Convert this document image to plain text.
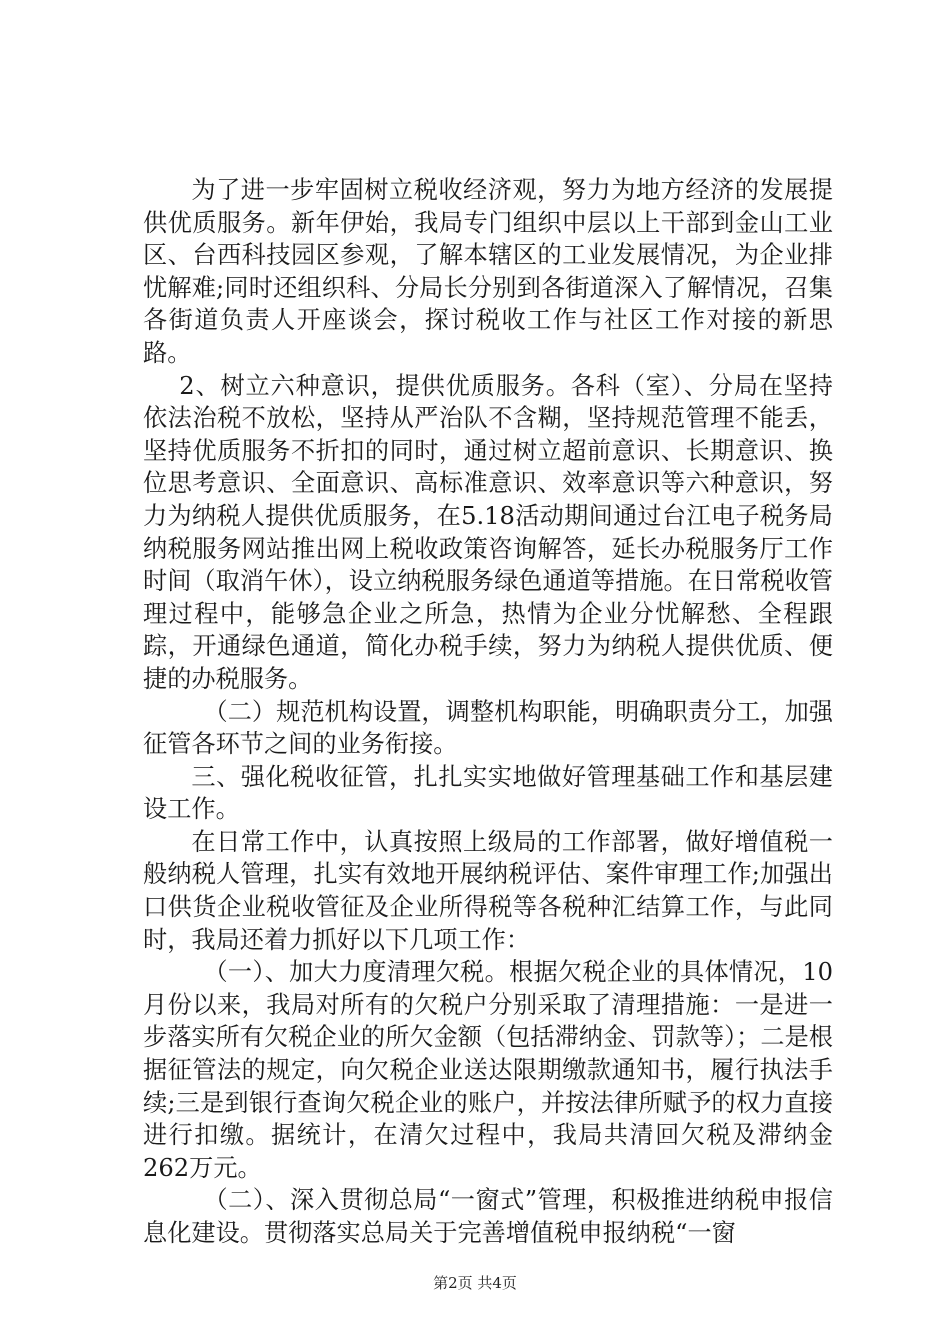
为了进一步牢固树立税收经济观，努力为地方经济的发展提供优质服务。新年伊始，我局专门组织中层以上干部到金山工业区、台西科技园区参观，了解本辖区的工业发展情况，为企业排忧解难;同时还组织科、分局长分别到各街道深入了解情况，召集各街道负责人开座谈会，探讨税收工作与社区工作对接的新思路。

2、树立六种意识，提供优质服务。各科（室）、分局在坚持依法治税不放松，坚持从严治队不含糊，坚持规范管理不能丢，坚持优质服务不折扣的同时，通过树立超前意识、长期意识、换位思考意识、全面意识、高标准意识、效率意识等六种意识，努力为纳税人提供优质服务，在5.18活动期间通过台江电子税务局纳税服务网站推出网上税收政策咨询解答，延长办税服务厅工作时间（取消午休），设立纳税服务绿色通道等措施。在日常税收管理过程中，能够急企业之所急，热情为企业分忧解愁、全程跟踪，开通绿色通道，简化办税手续，努力为纳税人提供优质、便捷的办税服务。

（二）规范机构设置，调整机构职能，明确职责分工，加强征管各环节之间的业务衔接。

三、强化税收征管，扎扎实实地做好管理基础工作和基层建设工作。

在日常工作中，认真按照上级局的工作部署，做好增值税一般纳税人管理，扎实有效地开展纳税评估、案件审理工作;加强出口供货企业税收管征及企业所得税等各税种汇结算工作，与此同时，我局还着力抓好以下几项工作：

（一）、加大力度清理欠税。根据欠税企业的具体情况，10月份以来，我局对所有的欠税户分别采取了清理措施：一是进一步落实所有欠税企业的所欠金额（包括滞纳金、罚款等）；二是根据征管法的规定，向欠税企业送达限期缴款通知书，履行执法手续;三是到银行查询欠税企业的账户，并按法律所赋予的权力直接进行扣缴。据统计，在清欠过程中，我局共清回欠税及滞纳金262万元。

（二）、深入贯彻总局“一窗式”管理，积极推进纳税申报信息化建设。贯彻落实总局关于完善增值税申报纳税“一窗

第2页 共4页
